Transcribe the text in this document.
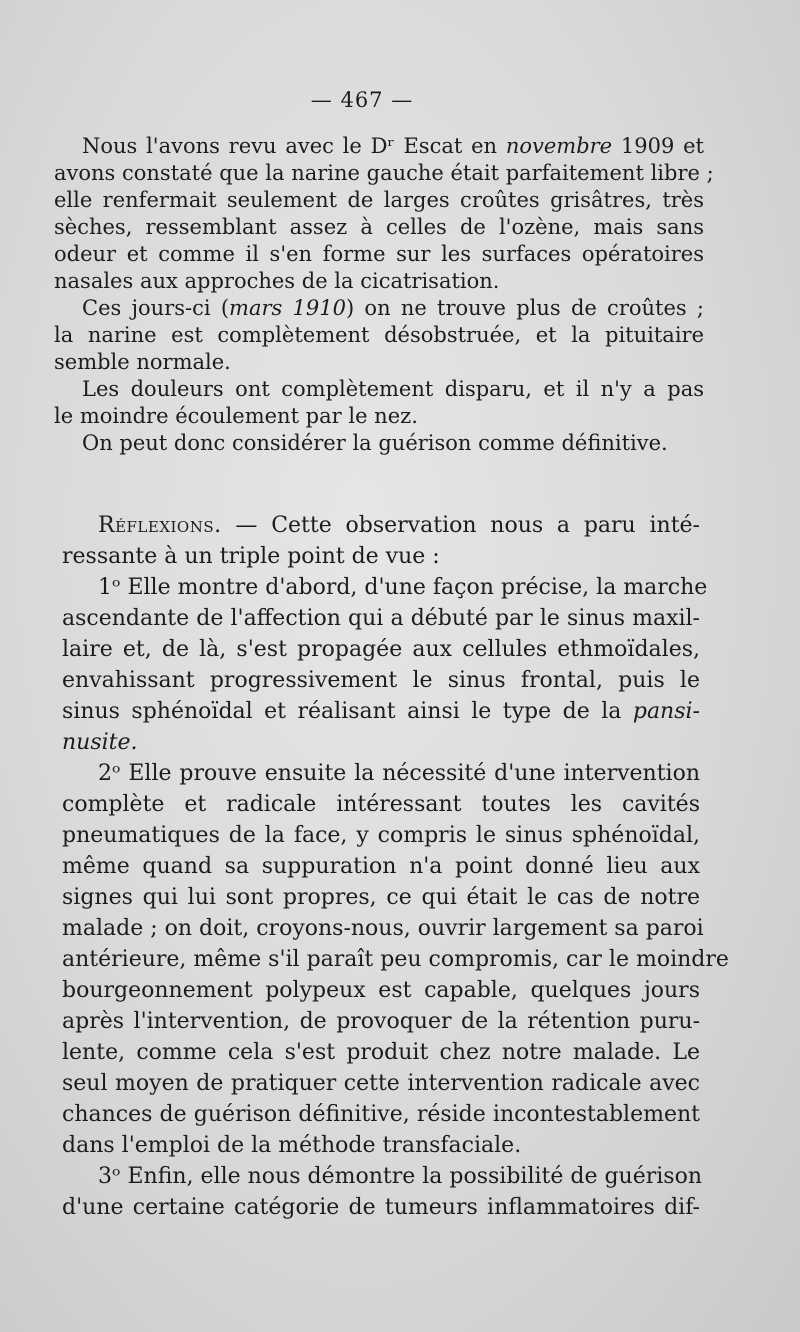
— 467 —
Nous l'avons revu avec le Dʳ Escat en novembre 1909 et
avons constaté que la narine gauche était parfaitement libre ;
elle renfermait seulement de larges croûtes grisâtres, très
sèches, ressemblant assez à celles de l'ozène, mais sans
odeur et comme il s'en forme sur les surfaces opératoires
nasales aux approches de la cicatrisation.
Ces jours-ci (mars 1910) on ne trouve plus de croûtes ;
la narine est complètement désobstruée, et la pituitaire
semble normale.
Les douleurs ont complètement disparu, et il n'y a pas
le moindre écoulement par le nez.
On peut donc considérer la guérison comme définitive.
Réflexions. — Cette observation nous a paru inté-
ressante à un triple point de vue :
1ᵒ Elle montre d'abord, d'une façon précise, la marche
ascendante de l'affection qui a débuté par le sinus maxil-
laire et, de là, s'est propagée aux cellules ethmoïdales,
envahissant progressivement le sinus frontal, puis le
sinus sphénoïdal et réalisant ainsi le type de la pansi-
nusite.
2ᵒ Elle prouve ensuite la nécessité d'une intervention
complète et radicale intéressant toutes les cavités
pneumatiques de la face, y compris le sinus sphénoïdal,
même quand sa suppuration n'a point donné lieu aux
signes qui lui sont propres, ce qui était le cas de notre
malade ; on doit, croyons-nous, ouvrir largement sa paroi
antérieure, même s'il paraît peu compromis, car le moindre
bourgeonnement polypeux est capable, quelques jours
après l'intervention, de provoquer de la rétention puru-
lente, comme cela s'est produit chez notre malade. Le
seul moyen de pratiquer cette intervention radicale avec
chances de guérison définitive, réside incontestablement
dans l'emploi de la méthode transfaciale.
3ᵒ Enfin, elle nous démontre la possibilité de guérison
d'une certaine catégorie de tumeurs inflammatoires dif-
